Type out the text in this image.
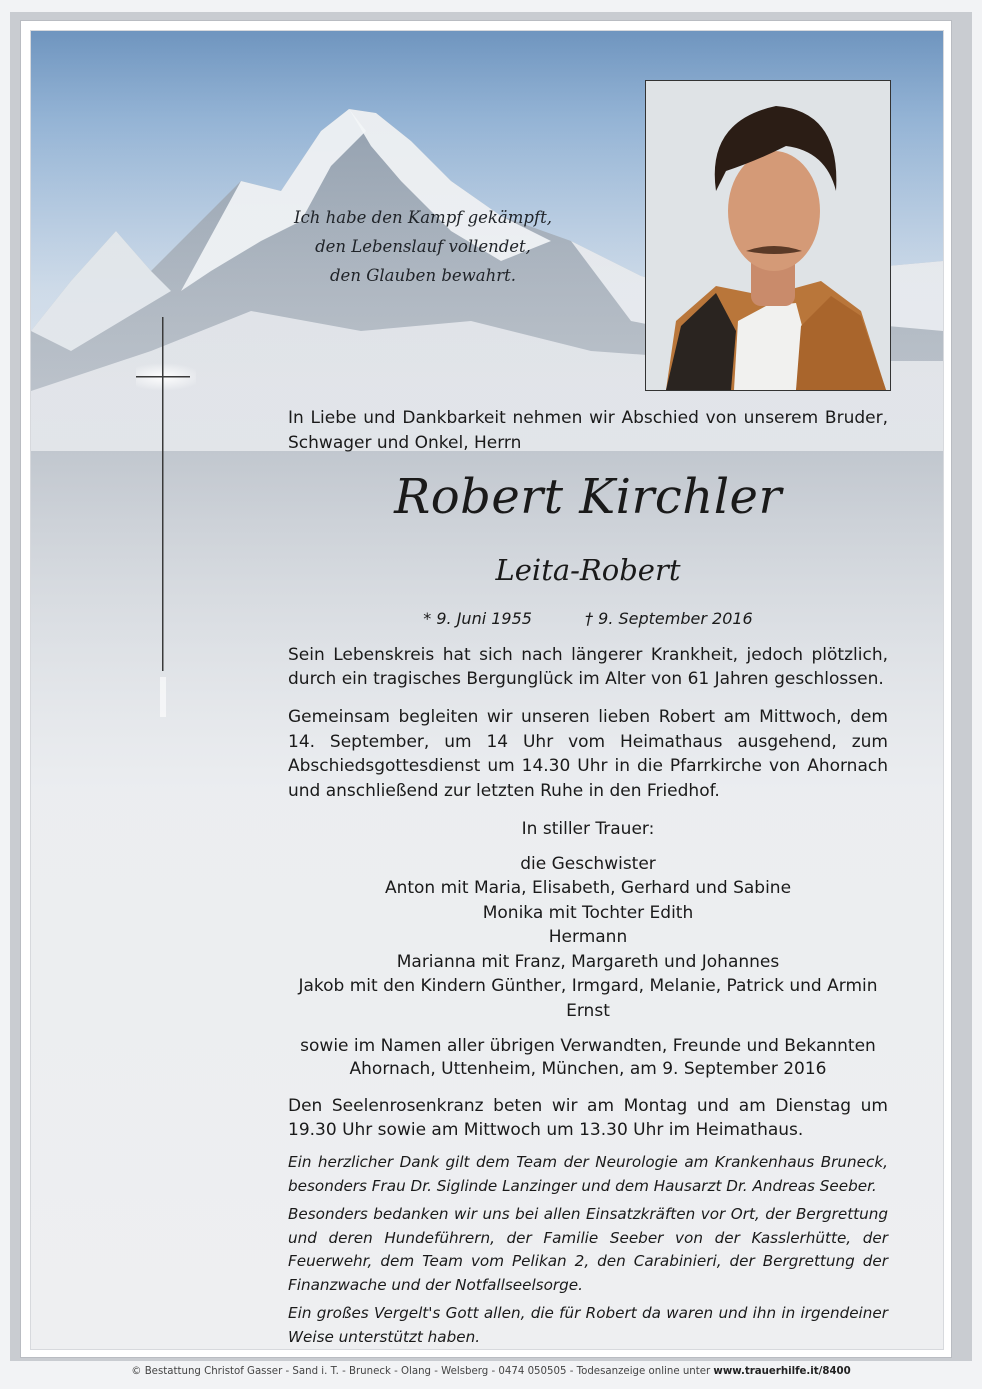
Ich habe den Kampf gekämpft,
den Lebenslauf vollendet,
den Glauben bewahrt.
In Liebe und Dankbarkeit nehmen wir Abschied von unserem Bruder, Schwager und Onkel, Herrn
Robert Kirchler
Leita-Robert
* 9. Juni 1955	† 9. September 2016
Sein Lebenskreis hat sich nach längerer Krankheit, jedoch plötzlich, durch ein tragisches Bergunglück im Alter von 61 Jahren geschlossen.
Gemeinsam begleiten wir unseren lieben Robert am Mittwoch, dem 14. September, um 14 Uhr vom Heimathaus ausgehend, zum Abschiedsgottesdienst um 14.30 Uhr in die Pfarrkirche von Ahornach und anschließend zur letzten Ruhe in den Friedhof.
In stiller Trauer:
die Geschwister
Anton mit Maria, Elisabeth, Gerhard und Sabine
Monika mit Tochter Edith
Hermann
Marianna mit Franz, Margareth und Johannes
Jakob mit den Kindern Günther, Irmgard, Melanie, Patrick und Armin
Ernst
sowie im Namen aller übrigen Verwandten, Freunde und Bekannten
Ahornach, Uttenheim, München, am 9. September 2016
Den Seelenrosenkranz beten wir am Montag und am Dienstag um 19.30 Uhr sowie am Mittwoch um 13.30 Uhr im Heimathaus.
Ein herzlicher Dank gilt dem Team der Neurologie am Krankenhaus Bruneck, besonders Frau Dr. Siglinde Lanzinger und dem Hausarzt Dr. Andreas Seeber.
Besonders bedanken wir uns bei allen Einsatzkräften vor Ort, der Bergrettung und deren Hundeführern, der Familie Seeber von der Kasslerhütte, der Feuerwehr, dem Team vom Pelikan 2, den Carabinieri, der Bergrettung der Finanzwache und der Notfallseelsorge.
Ein großes Vergelt's Gott allen, die für Robert da waren und ihn in irgendeiner Weise unterstützt haben.
© Bestattung Christof Gasser - Sand i. T. - Bruneck - Olang - Welsberg - 0474 050505 - Todesanzeige online unter www.trauerhilfe.it/8400
